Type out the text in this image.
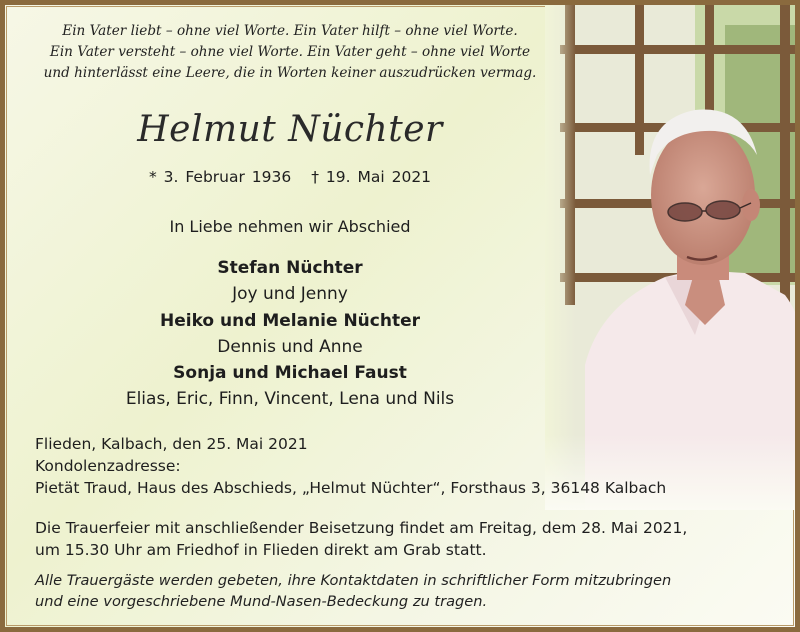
Ein Vater liebt – ohne viel Worte. Ein Vater hilft – ohne viel Worte.
Ein Vater versteht – ohne viel Worte. Ein Vater geht – ohne viel Worte
und hinterlässt eine Leere, die in Worten keiner auszudrücken vermag.
Helmut Nüchter
* 3. Februar 1936 † 19. Mai 2021
In Liebe nehmen wir Abschied
Stefan Nüchter
Joy und Jenny
Heiko und Melanie Nüchter
Dennis und Anne
Sonja und Michael Faust
Elias, Eric, Finn, Vincent, Lena und Nils
Flieden, Kalbach, den 25. Mai 2021
Kondolenzadresse:
Pietät Traud, Haus des Abschieds, „Helmut Nüchter“, Forsthaus 3, 36148 Kalbach
Die Trauerfeier mit anschließender Beisetzung findet am Freitag, dem 28. Mai 2021,
um 15.30 Uhr am Friedhof in Flieden direkt am Grab statt.
Alle Trauergäste werden gebeten, ihre Kontaktdaten in schriftlicher Form mitzubringen
und eine vorgeschriebene Mund-Nasen-Bedeckung zu tragen.
